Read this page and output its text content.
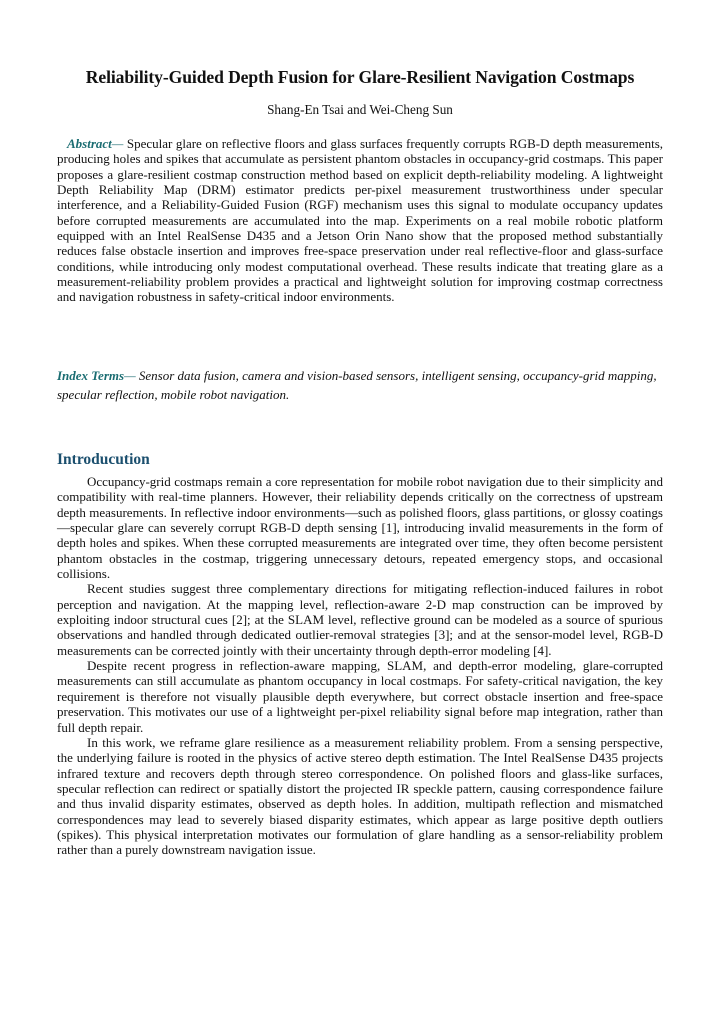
Reliability-Guided Depth Fusion for Glare-Resilient Navigation Costmaps
Shang-En Tsai and Wei-Cheng Sun

Abstract— Specular glare on reflective floors and glass surfaces frequently corrupts RGB-D depth measurements, producing holes and spikes that accumulate as persistent phantom obstacles in occupancy-grid costmaps. This paper proposes a glare-resilient costmap construction method based on explicit depth-reliability modeling. A lightweight Depth Reliability Map (DRM) estimator predicts per-pixel measurement trustworthiness under specular interference, and a Reliability-Guided Fusion (RGF) mechanism uses this signal to modulate occupancy updates before corrupted measurements are accumulated into the map. Experiments on a real mobile robotic platform equipped with an Intel RealSense D435 and a Jetson Orin Nano show that the proposed method substantially reduces false obstacle insertion and improves free-space preservation under real reflective-floor and glass-surface conditions, while introducing only modest computational overhead. These results indicate that treating glare as a measurement-reliability problem provides a practical and lightweight solution for improving costmap correctness and navigation robustness in safety-critical indoor environments.

Index Terms— Sensor data fusion, camera and vision-based sensors, intelligent sensing, occupancy-grid mapping, specular reflection, mobile robot navigation.

Introducution

Occupancy-grid costmaps remain a core representation for mobile robot navigation due to their simplicity and compatibility with real-time planners. However, their reliability depends critically on the correctness of upstream depth measurements. In reflective indoor environments—such as polished floors, glass partitions, or glossy coatings—specular glare can severely corrupt RGB-D depth sensing [1], introducing invalid measurements in the form of depth holes and spikes. When these corrupted measurements are integrated over time, they often become persistent phantom obstacles in the costmap, triggering unnecessary detours, repeated emergency stops, and occasional collisions.

Recent studies suggest three complementary directions for mitigating reflection-induced failures in robot perception and navigation. At the mapping level, reflection-aware 2-D map construction can be improved by exploiting indoor structural cues [2]; at the SLAM level, reflective ground can be modeled as a source of spurious observations and handled through dedicated outlier-removal strategies [3]; and at the sensor-model level, RGB-D measurements can be corrected jointly with their uncertainty through depth-error modeling [4].

Despite recent progress in reflection-aware mapping, SLAM, and depth-error modeling, glare-corrupted measurements can still accumulate as phantom occupancy in local costmaps. For safety-critical navigation, the key requirement is therefore not visually plausible depth everywhere, but correct obstacle insertion and free-space preservation. This motivates our use of a lightweight per-pixel reliability signal before map integration, rather than full depth repair.

In this work, we reframe glare resilience as a measurement reliability problem. From a sensing perspective, the underlying failure is rooted in the physics of active stereo depth estimation. The Intel RealSense D435 projects infrared texture and recovers depth through stereo correspondence. On polished floors and glass-like surfaces, specular reflection can redirect or spatially distort the projected IR speckle pattern, causing correspondence failure and thus invalid disparity estimates, observed as depth holes. In addition, multipath reflection and mismatched correspondences may lead to severely biased disparity estimates, which appear as large positive depth outliers (spikes). This physical interpretation motivates our formulation of glare handling as a sensor-reliability problem rather than a purely downstream navigation issue.
